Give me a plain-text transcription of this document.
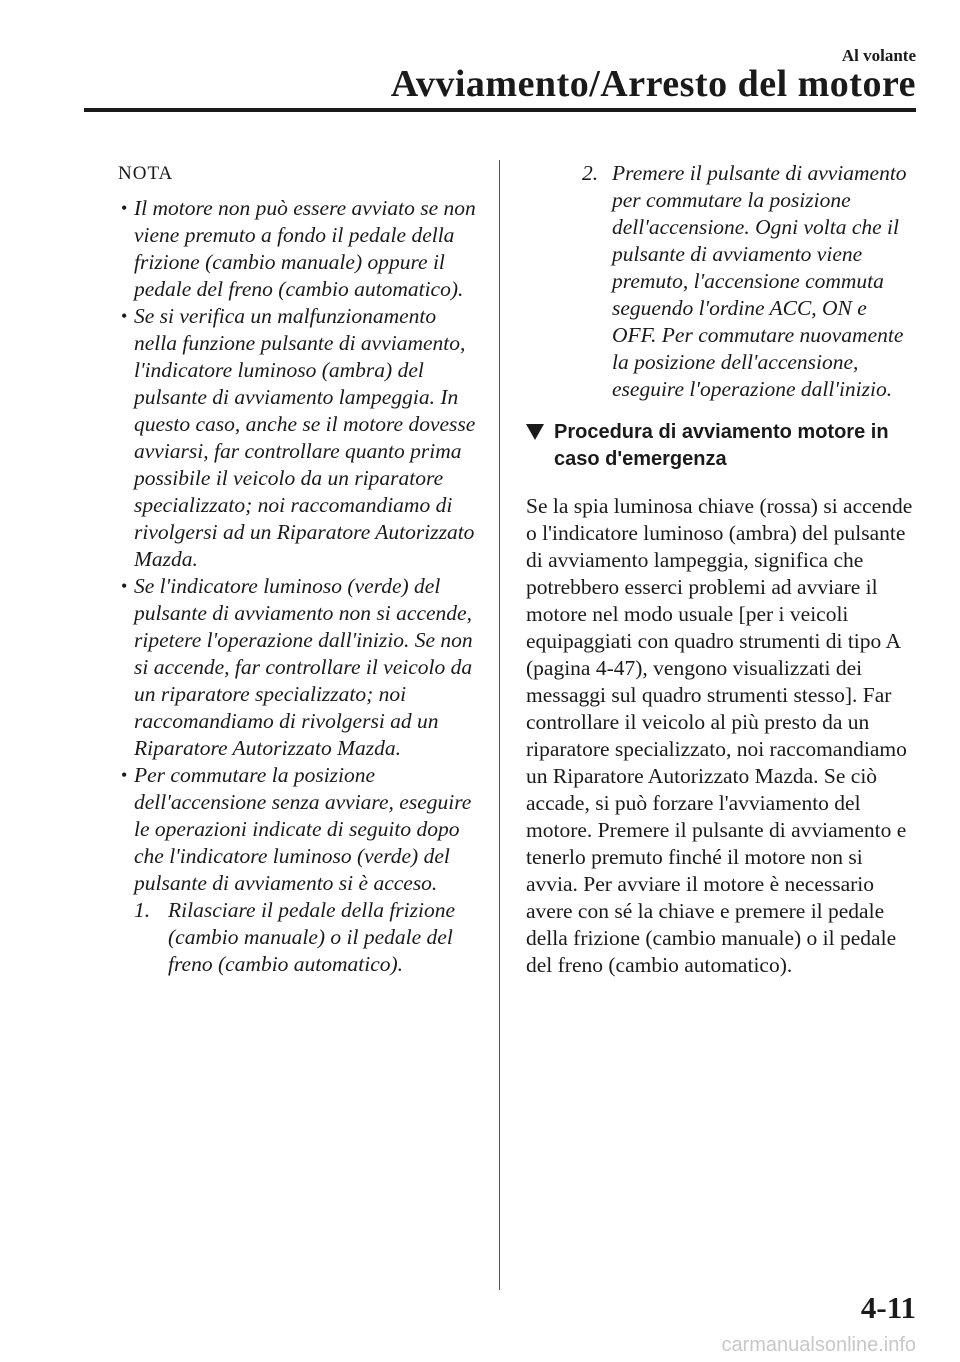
Al volante
Avviamento/Arresto del motore
NOTA
• Il motore non può essere avviato se non viene premuto a fondo il pedale della frizione (cambio manuale) oppure il pedale del freno (cambio automatico).
• Se si verifica un malfunzionamento nella funzione pulsante di avviamento, l'indicatore luminoso (ambra) del pulsante di avviamento lampeggia. In questo caso, anche se il motore dovesse avviarsi, far controllare quanto prima possibile il veicolo da un riparatore specializzato; noi raccomandiamo di rivolgersi ad un Riparatore Autorizzato Mazda.
• Se l'indicatore luminoso (verde) del pulsante di avviamento non si accende, ripetere l'operazione dall'inizio. Se non si accende, far controllare il veicolo da un riparatore specializzato; noi raccomandiamo di rivolgersi ad un Riparatore Autorizzato Mazda.
• Per commutare la posizione dell'accensione senza avviare, eseguire le operazioni indicate di seguito dopo che l'indicatore luminoso (verde) del pulsante di avviamento si è acceso.
1. Rilasciare il pedale della frizione (cambio manuale) o il pedale del freno (cambio automatico).
2. Premere il pulsante di avviamento per commutare la posizione dell'accensione. Ogni volta che il pulsante di avviamento viene premuto, l'accensione commuta seguendo l'ordine ACC, ON e OFF. Per commutare nuovamente la posizione dell'accensione, eseguire l'operazione dall'inizio.
Procedura di avviamento motore in caso d'emergenza

Se la spia luminosa chiave (rossa) si accende o l'indicatore luminoso (ambra) del pulsante di avviamento lampeggia, significa che potrebbero esserci problemi ad avviare il motore nel modo usuale [per i veicoli equipaggiati con quadro strumenti di tipo A (pagina 4-47), vengono visualizzati dei messaggi sul quadro strumenti stesso]. Far controllare il veicolo al più presto da un riparatore specializzato, noi raccomandiamo un Riparatore Autorizzato Mazda. Se ciò accade, si può forzare l'avviamento del motore. Premere il pulsante di avviamento e tenerlo premuto finché il motore non si avvia. Per avviare il motore è necessario avere con sé la chiave e premere il pedale della frizione (cambio manuale) o il pedale del freno (cambio automatico).

4-11
carmanualsonline.info
